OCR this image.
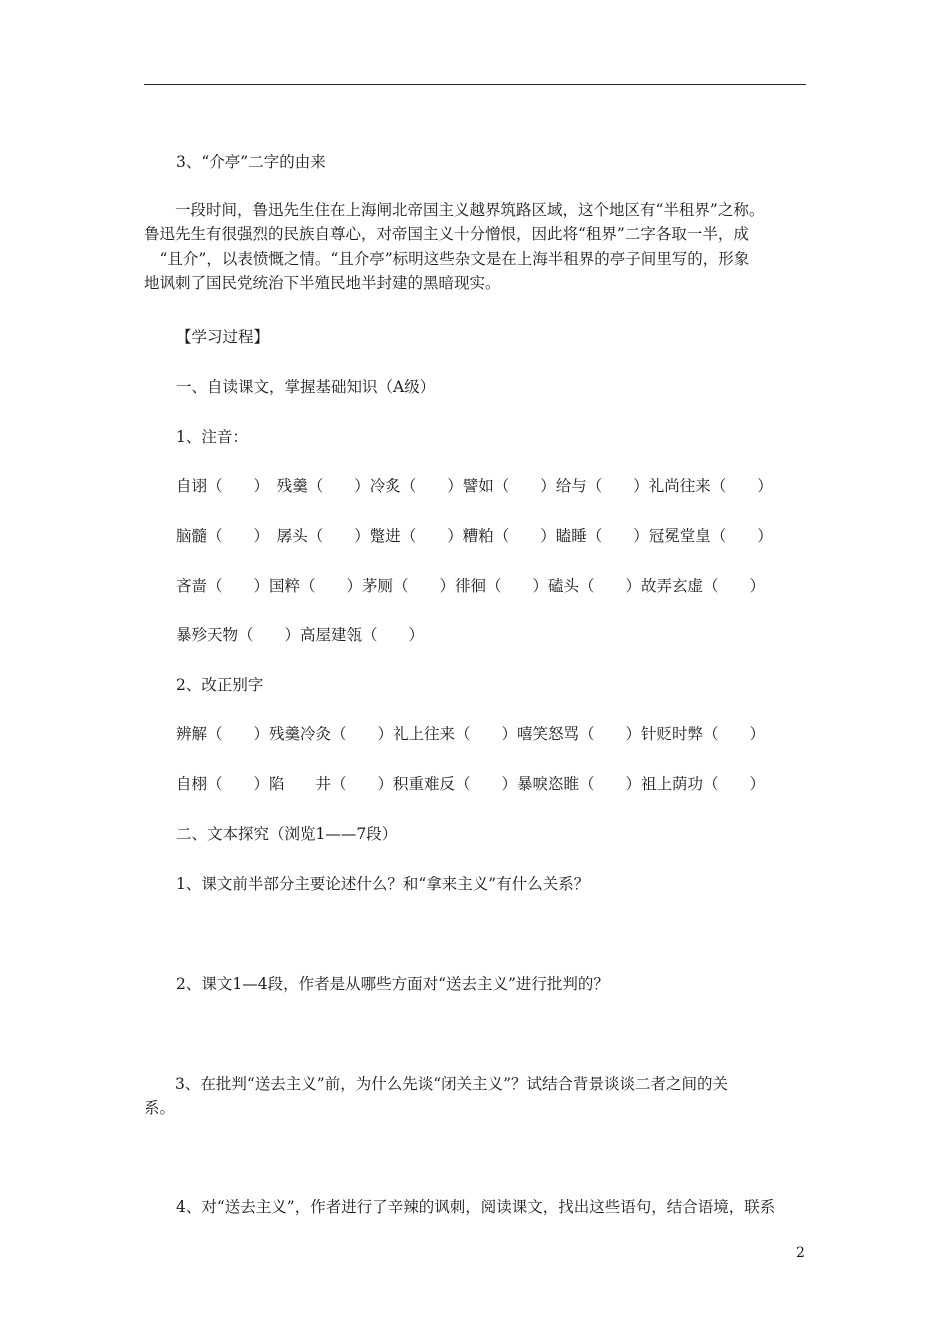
3、“介亭”二字的由来

　　一段时间，鲁迅先生住在上海闸北帝国主义越界筑路区域，这个地区有“半租界”之称。

鲁迅先生有很强烈的民族自尊心，对帝国主义十分憎恨，因此将“租界”二字各取一半，成

　“且介”，以表愤慨之情。“且介亭”标明这些杂文是在上海半租界的亭子间里写的，形象

地讽刺了国民党统治下半殖民地半封建的黑暗现实。

【学习过程】
一、自读课文，掌握基础知识（A级）
1、注音：
自诩（　　）　残羹（　　）冷炙（　　）譬如（　　）给与（　　）礼尚往来（　　）
脑髓（　　）　孱头（　　）蹩进（　　）糟粕（　　）瞌睡（　　）冠冕堂皇（　　）
吝啬（　　）国粹（　　）茅厕（　　）徘徊（　　）磕头（　　）故弄玄虚（　　）
暴殄天物（　　）高屋建瓴（　　）
2、改正别字
辨解（　　）残羹冷灸（　　）礼上往来（　　）嘻笑怒骂（　　）针贬时弊（　　）
自栩（　　）陷　　井（　　）积重难反（　　）暴唳恣睢（　　）祖上荫功（　　）
二、文本探究（浏览1——7段）
1、课文前半部分主要论述什么？和“拿来主义”有什么关系？
2、课文1—4段，作者是从哪些方面对“送去主义”进行批判的？

　　3、在批判“送去主义”前，为什么先谈“闭关主义”？试结合背景谈谈二者之间的关

系。

4、对“送去主义”，作者进行了辛辣的讽刺，阅读课文，找出这些语句，结合语境，联系
2
